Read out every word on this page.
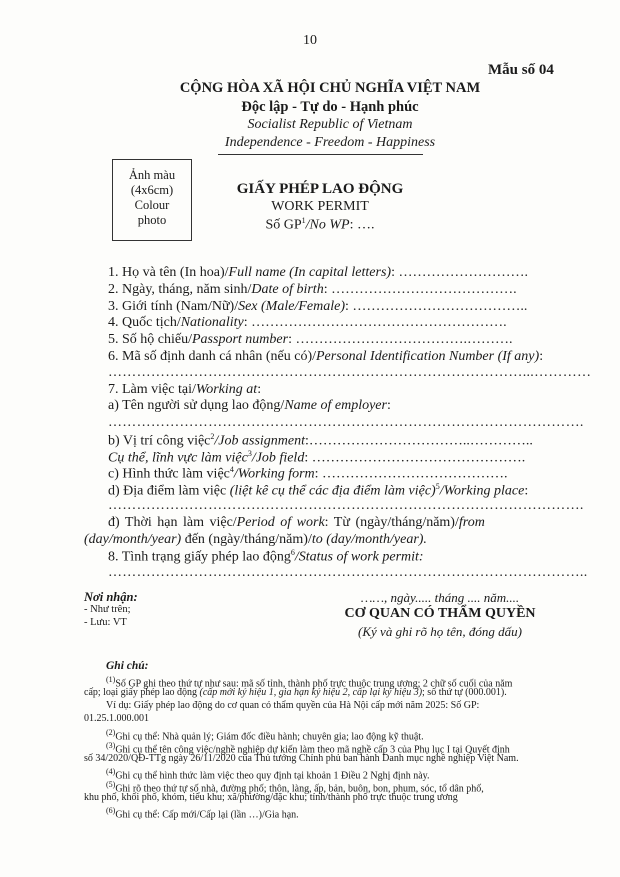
10
Mẫu số 04
CỘNG HÒA XÃ HỘI CHỦ NGHĨA VIỆT NAM
Độc lập - Tự do - Hạnh phúc
Socialist Republic of Vietnam
Independence - Freedom - Happiness
Ảnh màu
(4x6cm)
Colour
photo
GIẤY PHÉP LAO ĐỘNG
WORK PERMIT
Số $GP^1/No$ WP: ….
1. Họ và tên (In hoa)/Full name (In capital letters): ……………………….
2. Ngày, tháng, năm sinh/Date of birth: ………………………………….
3. Giới tính (Nam/Nữ)/Sex (Male/Female): ………………………………..
4. Quốc tịch/Nationality: ……………………………………………….
5. Số hộ chiếu/Passport number: ……………………………….……….
6. Mã số định danh cá nhân (nếu có)/Personal Identification Number (If any):
……………………………………………………………………………...…………
7. Làm việc tại/Working at:
a) Tên người sử dụng lao động/Name of employer:
……………………………………………………………………………………….
b) Vị trí công việc$^2$/Job assignment:……………………………..…………..
Cụ thể, lĩnh vực làm việc$^3$/Job field: ……………………………………….
c) Hình thức làm việc$^4$/Working form: ………………………………….
d) Địa điểm làm việc (liệt kê cụ thể các địa điểm làm việc)$^5$/Working place:
……………………………………………………………………………………….
đ) Thời hạn làm việc/Period of work: Từ (ngày/tháng/năm)/from
(day/month/year) đến (ngày/tháng/năm)/to (day/month/year).
8. Tình trạng giấy phép lao động$^6$/Status of work permit:
………………………………………………………………………………………..
Nơi nhận:
- Như trên;
- Lưu: VT
……, ngày..... tháng .... năm....
CƠ QUAN CÓ THẨM QUYỀN
(Ký và ghi rõ họ tên, đóng dấu)
Ghi chú:
$^{(1)}$Số GP ghi theo thứ tự như sau: mã số tỉnh, thành phố trực thuộc trung ương; 2 chữ số cuối của năm
cấp; loại giấy phép lao động (cấp mới ký hiệu 1, gia hạn ký hiệu 2, cấp lại ký hiệu 3); số thứ tự (000.001).
Ví dụ: Giấy phép lao động do cơ quan có thẩm quyền của Hà Nội cấp mới năm 2025: Số GP:
01.25.1.000.001
$^{(2)}$Ghi cụ thể: Nhà quản lý; Giám đốc điều hành; chuyên gia; lao động kỹ thuật.
$^{(3)}$Ghi cụ thể tên công việc/nghề nghiệp dự kiến làm theo mã nghề cấp 3 của Phụ lục I tại Quyết định
số 34/2020/QĐ-TTg ngày 26/11/2020 của Thủ tướng Chính phủ ban hành Danh mục nghề nghiệp Việt Nam.
$^{(4)}$Ghi cụ thể hình thức làm việc theo quy định tại khoản 1 Điều 2 Nghị định này.
$^{(5)}$Ghi rõ theo thứ tự số nhà, đường phố; thôn, làng, ấp, bản, buôn, bon, phum, sóc, tổ dân phố,
khu phố, khối phố, khóm, tiểu khu; xã/phường/đặc khu; tỉnh/thành phố trực thuộc trung ương
$^{(6)}$Ghi cụ thể: Cấp mới/Cấp lại (lần …)/Gia hạn.
